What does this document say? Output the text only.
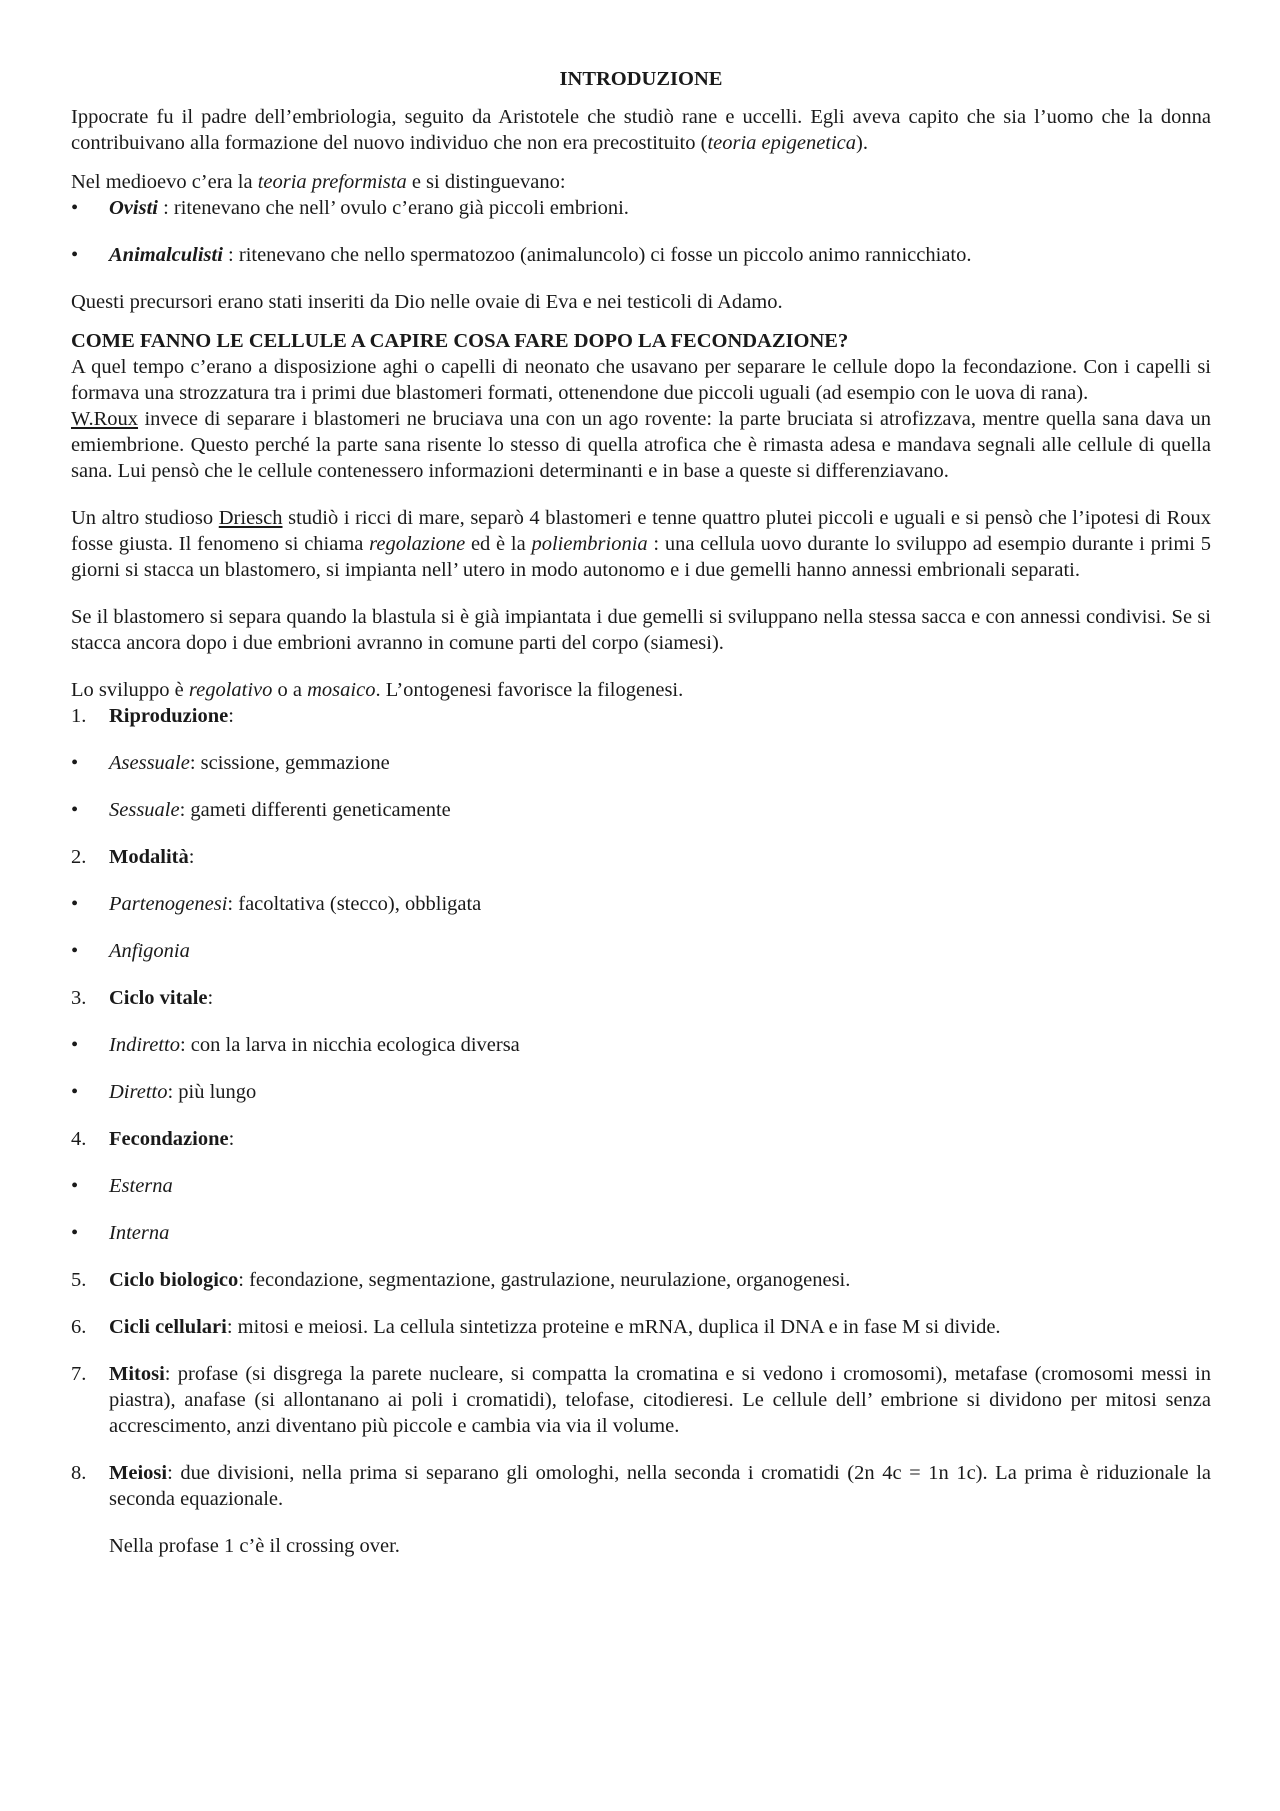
INTRODUZIONE

Ippocrate fu il padre dell’embriologia, seguito da Aristotele che studiò rane e uccelli. Egli aveva capito che sia l’uomo che la donna contribuivano alla formazione del nuovo individuo che non era precostituito (teoria epigenetica).

Nel medioevo c’era la teoria preformista e si distinguevano:

•	Ovisti : ritenevano che nell’ ovulo c’erano già piccoli embrioni.
•	Animalculisti : ritenevano che nello spermatozoo (animaluncolo) ci fosse un piccolo animo rannicchiato.

Questi precursori erano stati inseriti da Dio nelle ovaie di Eva e nei testicoli di Adamo.

COME FANNO LE CELLULE A CAPIRE COSA FARE DOPO LA FECONDAZIONE?

A quel tempo c’erano a disposizione aghi o capelli di neonato che usavano per separare le cellule dopo la fecondazione. Con i capelli si formava una strozzatura tra i primi due blastomeri formati, ottenendone due piccoli uguali (ad esempio con le uova di rana).

W.Roux invece di separare i blastomeri ne bruciava una con un ago rovente: la parte bruciata si atrofizzava, mentre quella sana dava un emiembrione. Questo perché la parte sana risente lo stesso di quella atrofica che è rimasta adesa e mandava segnali alle cellule di quella sana. Lui pensò che le cellule contenessero informazioni determinanti e in base a queste si differenziavano.

Un altro studioso Driesch studiò i ricci di mare, separò 4 blastomeri e tenne quattro plutei piccoli e uguali e si pensò che l’ipotesi di Roux fosse giusta. Il fenomeno si chiama regolazione ed è la poliembrionia : una cellula uovo durante lo sviluppo ad esempio durante i primi 5 giorni si stacca un blastomero, si impianta nell’ utero in modo autonomo e i due gemelli hanno annessi embrionali separati.

Se il blastomero si separa quando la blastula si è già impiantata i due gemelli si sviluppano nella stessa sacca e con annessi condivisi. Se si stacca ancora dopo i due embrioni avranno in comune parti del corpo (siamesi).

Lo sviluppo è regolativo o a mosaico. L’ontogenesi favorisce la filogenesi.

1.	Riproduzione:
•	Asessuale: scissione, gemmazione
•	Sessuale: gameti differenti geneticamente
2.	Modalità:
•	Partenogenesi: facoltativa (stecco), obbligata
•	Anfigonia
3.	Ciclo vitale:
•	Indiretto: con la larva in nicchia ecologica diversa
•	Diretto: più lungo
4.	Fecondazione:
•	Esterna
•	Interna
5.	Ciclo biologico: fecondazione, segmentazione, gastrulazione, neurulazione, organogenesi.
6.	Cicli cellulari: mitosi e meiosi. La cellula sintetizza proteine e mRNA, duplica il DNA e in fase M si divide.
7.	Mitosi: profase (si disgrega la parete nucleare, si compatta la cromatina e si vedono i cromosomi), metafase (cromosomi messi in piastra), anafase (si allontanano ai poli i cromatidi), telofase, citodieresi. Le cellule dell’ embrione si dividono per mitosi senza accrescimento, anzi diventano più piccole e cambia via via il volume.
8.	Meiosi: due divisioni, nella prima si separano gli omologhi, nella seconda i cromatidi (2n 4c = 1n 1c). La prima è riduzionale la seconda equazionale.

Nella profase 1 c’è il crossing over.
